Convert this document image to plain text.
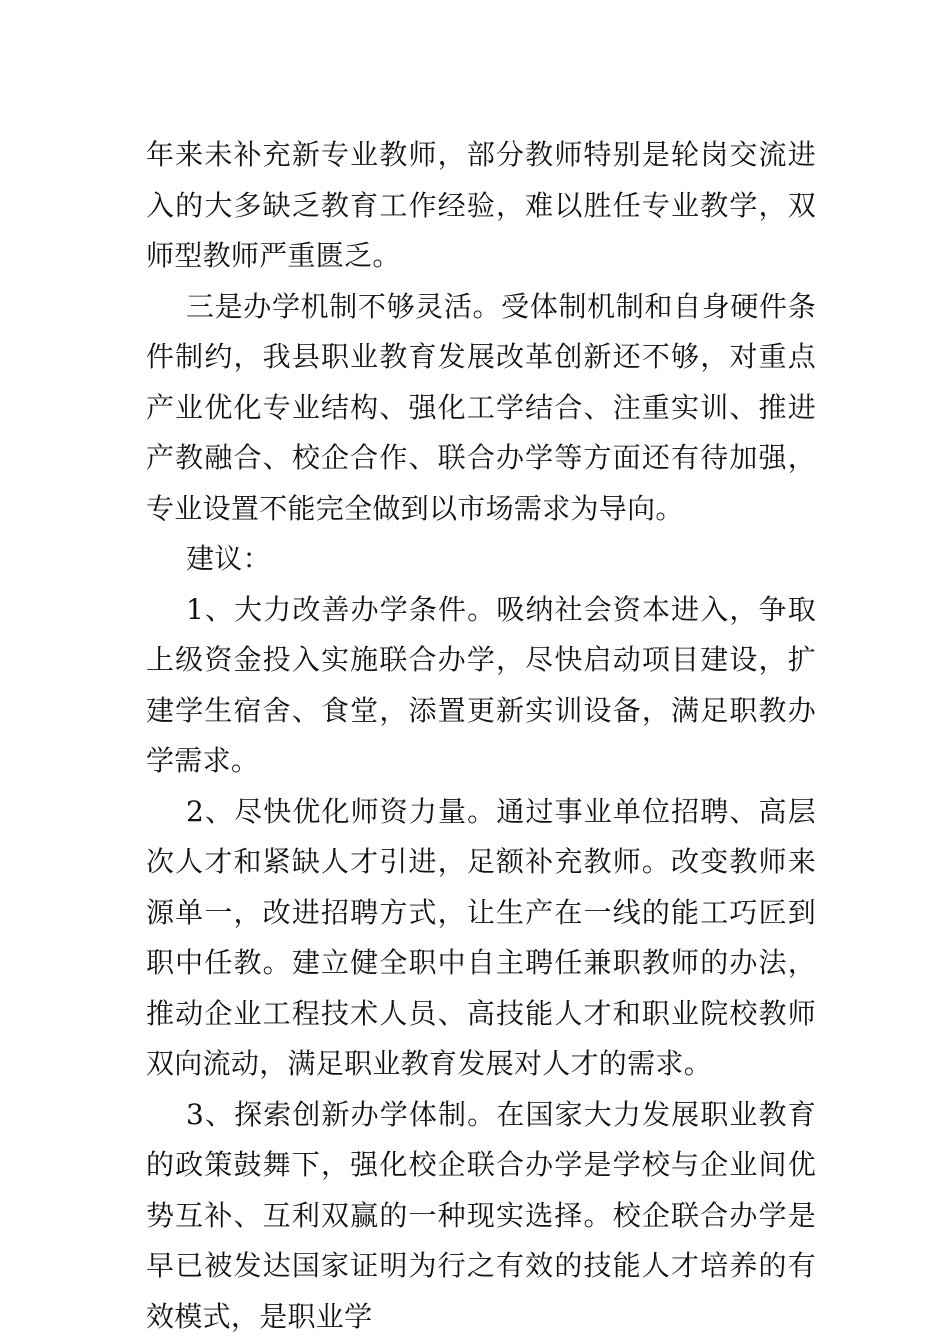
年来未补充新专业教师，部分教师特别是轮岗交流进入的大多缺乏教育工作经验，难以胜任专业教学，双师型教师严重匮乏。

三是办学机制不够灵活。受体制机制和自身硬件条件制约，我县职业教育发展改革创新还不够，对重点产业优化专业结构、强化工学结合、注重实训、推进产教融合、校企合作、联合办学等方面还有待加强，专业设置不能完全做到以市场需求为导向。

建议：

1、大力改善办学条件。吸纳社会资本进入，争取上级资金投入实施联合办学，尽快启动项目建设，扩建学生宿舍、食堂，添置更新实训设备，满足职教办学需求。

2、尽快优化师资力量。通过事业单位招聘、高层次人才和紧缺人才引进，足额补充教师。改变教师来源单一，改进招聘方式，让生产在一线的能工巧匠到职中任教。建立健全职中自主聘任兼职教师的办法，推动企业工程技术人员、高技能人才和职业院校教师双向流动，满足职业教育发展对人才的需求。

3、探索创新办学体制。在国家大力发展职业教育的政策鼓舞下，强化校企联合办学是学校与企业间优势互补、互利双赢的一种现实选择。校企联合办学是早已被发达国家证明为行之有效的技能人才培养的有效模式，是职业学
